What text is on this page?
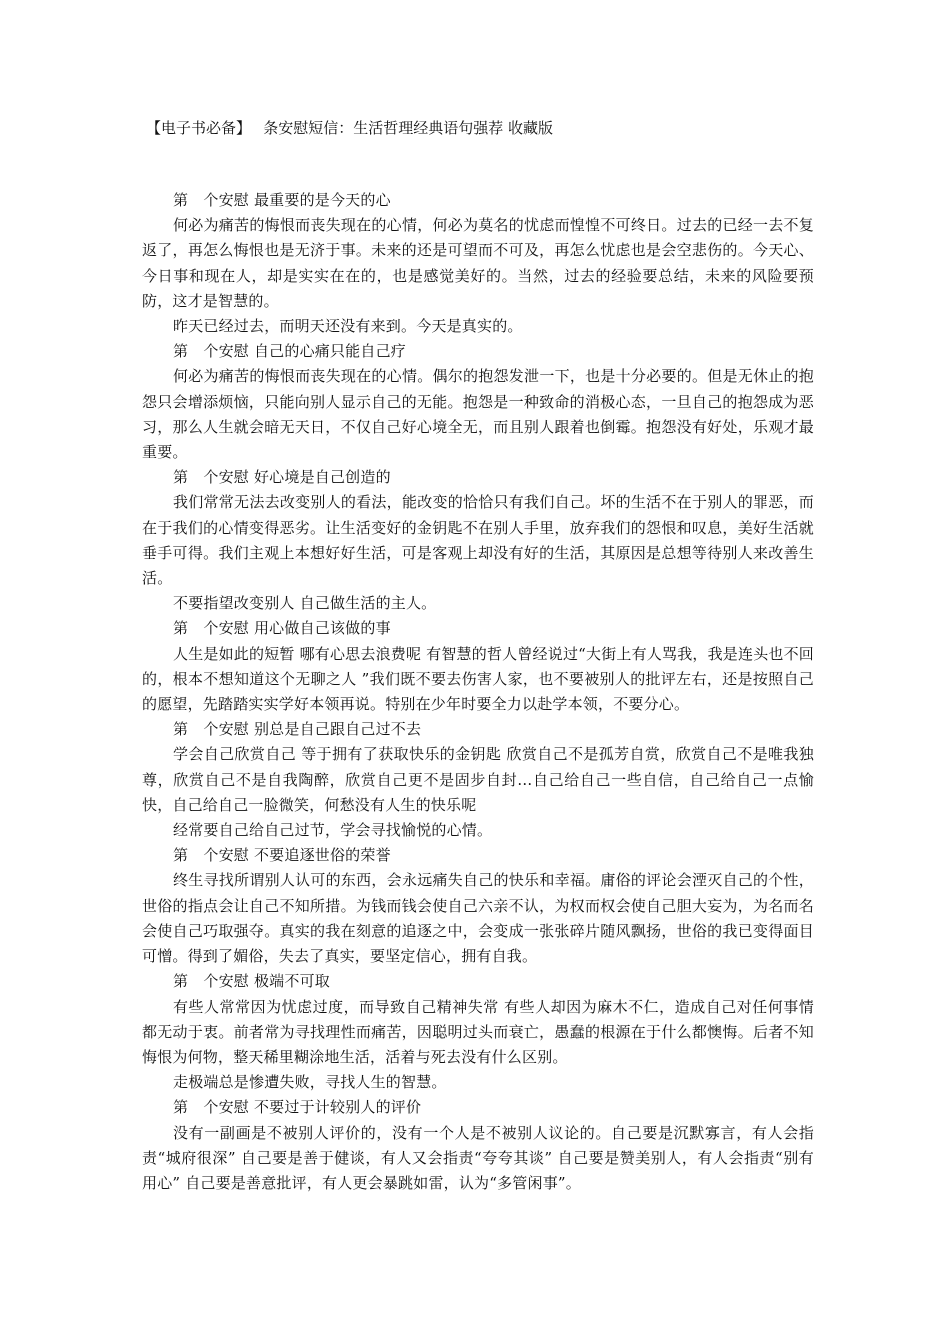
【电子书必备】　 条安慰短信：生活哲理经典语句强荐 收藏版

第　个安慰 最重要的是今天的心

何必为痛苦的悔恨而丧失现在的心情，何必为莫名的忧虑而惶惶不可终日。过去的已经一去不复返了，再怎么悔恨也是无济于事。未来的还是可望而不可及，再怎么忧虑也是会空悲伤的。今天心、今日事和现在人，却是实实在在的，也是感觉美好的。当然，过去的经验要总结，未来的风险要预防，这才是智慧的。

昨天已经过去，而明天还没有来到。今天是真实的。

第　个安慰 自己的心痛只能自己疗

何必为痛苦的悔恨而丧失现在的心情。偶尔的抱怨发泄一下，也是十分必要的。但是无休止的抱怨只会增添烦恼，只能向别人显示自己的无能。抱怨是一种致命的消极心态，一旦自己的抱怨成为恶习，那么人生就会暗无天日，不仅自己好心境全无，而且别人跟着也倒霉。抱怨没有好处，乐观才最重要。

第　个安慰 好心境是自己创造的

我们常常无法去改变别人的看法，能改变的恰恰只有我们自己。坏的生活不在于别人的罪恶，而在于我们的心情变得恶劣。让生活变好的金钥匙不在别人手里，放弃我们的怨恨和叹息，美好生活就垂手可得。我们主观上本想好好生活，可是客观上却没有好的生活，其原因是总想等待别人来改善生活。

不要指望改变别人 自己做生活的主人。

第　个安慰 用心做自己该做的事

人生是如此的短暂 哪有心思去浪费呢 有智慧的哲人曾经说过“大街上有人骂我，我是连头也不回的，根本不想知道这个无聊之人 ”我们既不要去伤害人家，也不要被别人的批评左右，还是按照自己的愿望，先踏踏实实学好本领再说。特别在少年时要全力以赴学本领，不要分心。

第　个安慰 别总是自己跟自己过不去

学会自己欣赏自己 等于拥有了获取快乐的金钥匙 欣赏自己不是孤芳自赏，欣赏自己不是唯我独尊，欣赏自己不是自我陶醉，欣赏自己更不是固步自封…自己给自己一些自信，自己给自己一点愉快，自己给自己一脸微笑，何愁没有人生的快乐呢

经常要自己给自己过节，学会寻找愉悦的心情。

第　个安慰 不要追逐世俗的荣誉

终生寻找所谓别人认可的东西，会永远痛失自己的快乐和幸福。庸俗的评论会湮灭自己的个性，世俗的指点会让自己不知所措。为钱而钱会使自己六亲不认，为权而权会使自己胆大妄为，为名而名会使自己巧取强夺。真实的我在刻意的追逐之中，会变成一张张碎片随风飘扬，世俗的我已变得面目可憎。得到了媚俗，失去了真实，要坚定信心，拥有自我。

第　个安慰 极端不可取

有些人常常因为忧虑过度，而导致自己精神失常 有些人却因为麻木不仁，造成自己对任何事情都无动于衷。前者常为寻找理性而痛苦，因聪明过头而衰亡，愚蠢的根源在于什么都懊悔。后者不知悔恨为何物，整天稀里糊涂地生活，活着与死去没有什么区别。

走极端总是惨遭失败，寻找人生的智慧。

第　个安慰 不要过于计较别人的评价

没有一副画是不被别人评价的，没有一个人是不被别人议论的。自己要是沉默寡言，有人会指责“城府很深” 自己要是善于健谈，有人又会指责“夸夸其谈” 自己要是赞美别人，有人会指责“别有用心” 自己要是善意批评，有人更会暴跳如雷，认为“多管闲事”。
